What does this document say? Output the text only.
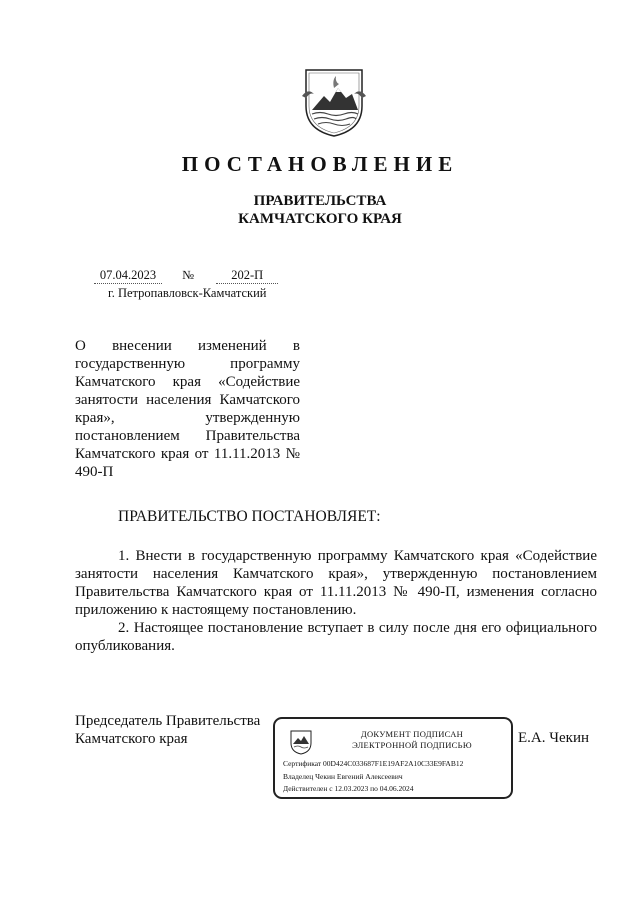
ПОСТАНОВЛЕНИЕ
ПРАВИТЕЛЬСТВА
КАМЧАТСКОГО КРАЯ
07.04.2023 №	202-П
г. Петропавловск-Камчатский
О внесении изменений в государственную программу Камчатского края «Содействие занятости населения Камчатского края», утвержденную постановлением Правительства Камчатского края от 11.11.2013 № 490-П
ПРАВИТЕЛЬСТВО ПОСТАНОВЛЯЕТ:

1. Внести в государственную программу Камчатского края «Содействие занятости населения Камчатского края», утвержденную постановлением Правительства Камчатского края от 11.11.2013 № 490-П, изменения согласно приложению к настоящему постановлению.

2. Настоящее постановление вступает в силу после дня его официального опубликования.

Председатель Правительства
Камчатского края	ДОКУМЕНТ ПОДПИСАН
ЭЛЕКТРОННОЙ ПОДПИСЬЮ
Сертификат 00D424C033687F1E19AF2A10C33E9FAB12
Владелец Чекин Евгений Алексеевич
Действителен с 12.03.2023 по 04.06.2024
Е.А. Чекин
